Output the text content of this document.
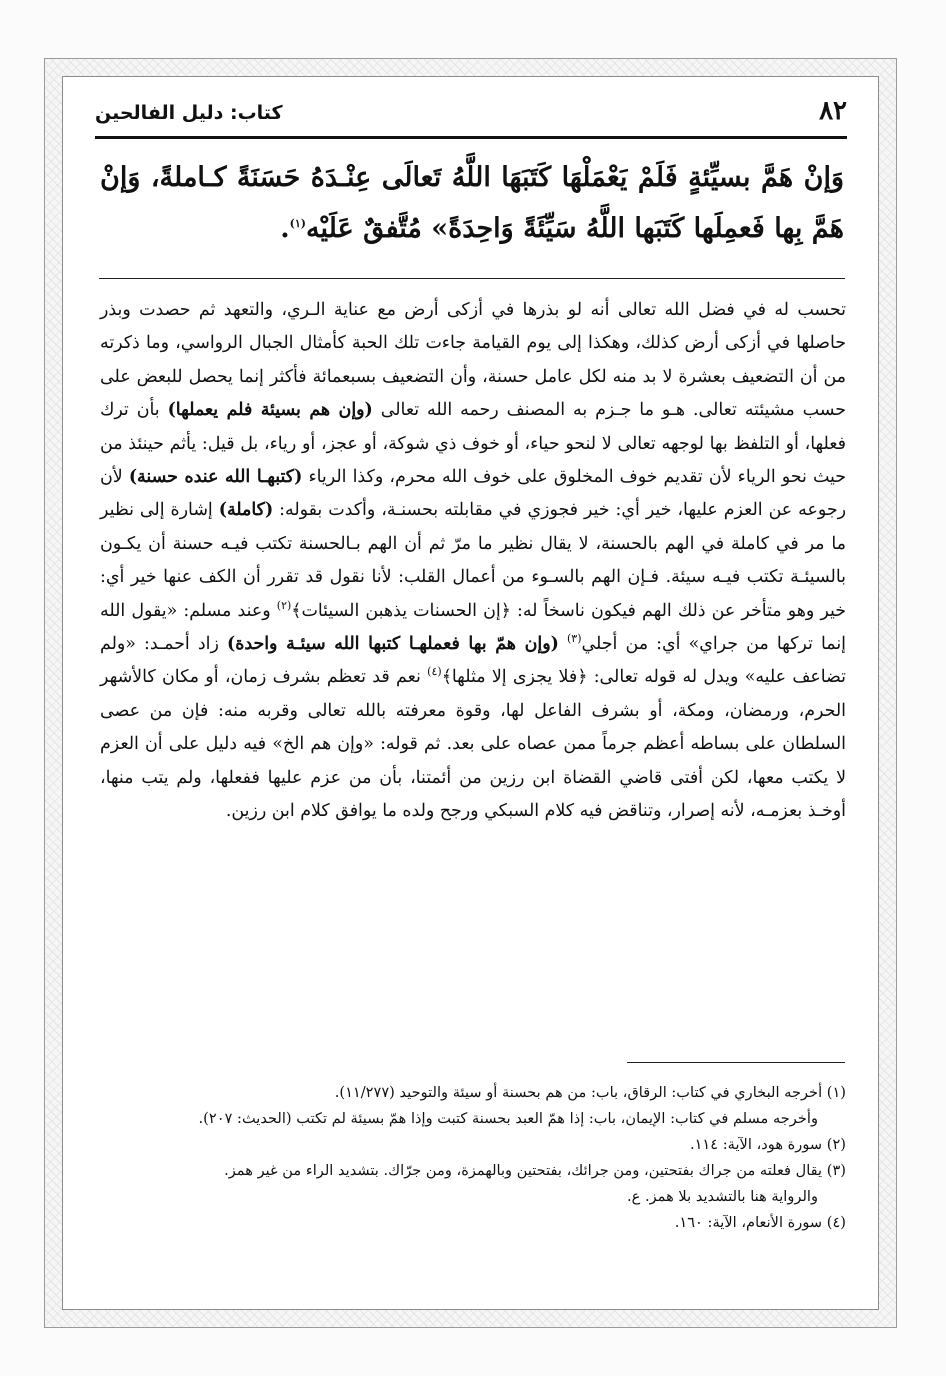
٨٢
كتاب: دليل الفالحين

وَإنْ هَمَّ بسيِّئةٍ فَلَمْ يَعْمَلْهَا كَتَبَهَا اللَّهُ تَعالَى عِنْـدَهُ حَسَنَةً كـاملةً، وَإنْ هَمَّ بِها فَعمِلَها كَتَبَها اللَّهُ سَيِّئَةً وَاحِدَةً» مُتَّفقٌ عَلَيْه$^{(١)}$.

تحسب له في فضل الله تعالى أنه لو بذرها في أزكى أرض مع عناية الـري، والتعهد ثم حصدت وبذر حاصلها في أزكى أرض كذلك، وهكذا إلى يوم القيامة جاءت تلك الحبة كأمثال الجبال الرواسي، وما ذكرته من أن التضعيف بعشرة لا بد منه لكل عامل حسنة، وأن التضعيف بسبعمائة فأكثر إنما يحصل للبعض على حسب مشيئته تعالى. هـو ما جـزم به المصنف رحمه الله تعالى (وإن هم بسيئة فلم يعملها) بأن ترك فعلها، أو التلفظ بها لوجهه تعالى لا لنحو حياء، أو خوف ذي شوكة، أو عجز، أو رياء، بل قيل: يأثم حينئذ من حيث نحو الرياء لأن تقديم خوف المخلوق على خوف الله محرم، وكذا الرياء (كتبهـا الله عنده حسنة) لأن رجوعه عن العزم عليها، خير أي: خير فجوزي في مقابلته بحسنـة، وأكدت بقوله: (كاملة) إشارة إلى نظير ما مر في كاملة في الهم بالحسنة، لا يقال نظير ما مرّ ثم أن الهم بـالحسنة تكتب فيـه حسنة أن يكـون بالسيئـة تكتب فيـه سيئة. فـإن الهم بالسـوء من أعمال القلب: لأنا نقول قد تقرر أن الكف عنها خير أي: خير وهو متأخر عن ذلك الهم فيكون ناسخاً له: ﴿إن الحسنات يذهبن السيئات﴾$^{(٢)}$ وعند مسلم: «يقول الله إنما تركها من جراي» أي: من أجلي$^{(٣)}$ (وإن همّ بها فعملهـا كتبها الله سيئـة واحدة) زاد أحمـد: «ولم تضاعف عليه» ويدل له قوله تعالى: ﴿فلا يجزى إلا مثلها﴾$^{(٤)}$ نعم قد تعظم بشرف زمان، أو مكان كالأشهر الحرم، ورمضان، ومكة، أو بشرف الفاعل لها، وقوة معرفته بالله تعالى وقربه منه: فإن من عصى السلطان على بساطه أعظم جرماً ممن عصاه على بعد. ثم قوله: «وإن هم الخ» فيه دليل على أن العزم لا يكتب معها، لكن أفتى قاضي القضاة ابن رزين من أئمتنا، بأن من عزم عليها ففعلها، ولم يتب منها، أوخـذ بعزمـه، لأنه إصرار، وتناقض فيه كلام السبكي ورجح ولده ما يوافق كلام ابن رزين.

(١) أخرجه البخاري في كتاب: الرقاق، باب: من هم بحسنة أو سيئة والتوحيد (١١/٢٧٧).
وأخرجه مسلم في كتاب: الإيمان، باب: إذا همّ العبد بحسنة كتبت وإذا همّ بسيئة لم تكتب (الحديث: ٢٠٧).
(٢) سورة هود، الآية: ١١٤.
(٣) يقال فعلته من جراك بفتحتين، ومن جرائك، بفتحتين وبالهمزة، ومن جرّاك. بتشديد الراء من غير همز.
والرواية هنا بالتشديد بلا همز. ع.
(٤) سورة الأنعام، الآية: ١٦٠.
